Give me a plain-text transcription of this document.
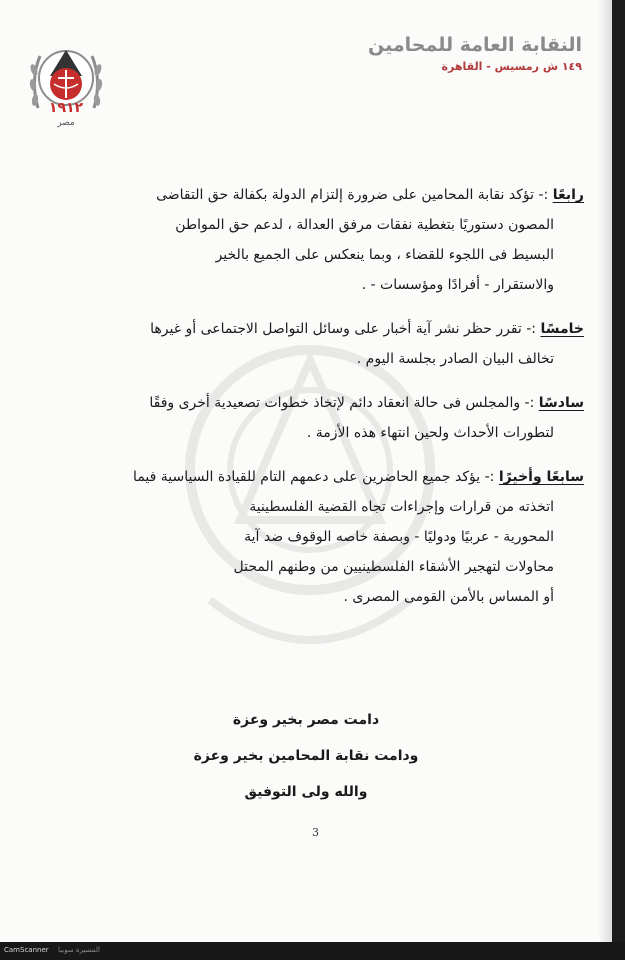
١٩١٢
مصر
النقابة العامة للمحامين
١٤٩ ش رمسيس - القاهرة
رابعًا :- تؤكد نقابة المحامين على ضرورة إلتزام الدولة بكفالة حق التقاضى
المصون دستوريًا بتغطية نفقات مرفق العدالة ، لدعم حق المواطن
البسيط فى اللجوء للقضاء ، وبما ينعكس على الجميع بالخير
والاستقرار - أفرادًا ومؤسسات - .
خامسًا :- تقرر حظر نشر آية أخبار على وسائل التواصل الاجتماعى أو غيرها
تخالف البيان الصادر بجلسة اليوم .
سادسًا :- والمجلس فى حالة انعقاد دائم لإتخاذ خطوات تصعيدية أخرى وفقًا
لتطورات الأحداث ولحين انتهاء هذه الأزمة .
سابعًا وأخيرًا :- يؤكد جميع الحاضرين على دعمهم التام للقيادة السياسية فيما
اتخذته من قرارات وإجراءات تجاه القضية الفلسطينية
المحورية - عربيًا ودوليًا - وبصفة خاصه الوقوف ضد آية
محاولات لتهجير الأشقاء الفلسطينيين من وطنهم المحتل
أو المساس بالأمن القومى المصرى .
دامت مصر بخير وعزة
ودامت نقابة المحامين بخير وعزة
والله ولى التوفيق
3
CamScanner المسيرة سوبيا
